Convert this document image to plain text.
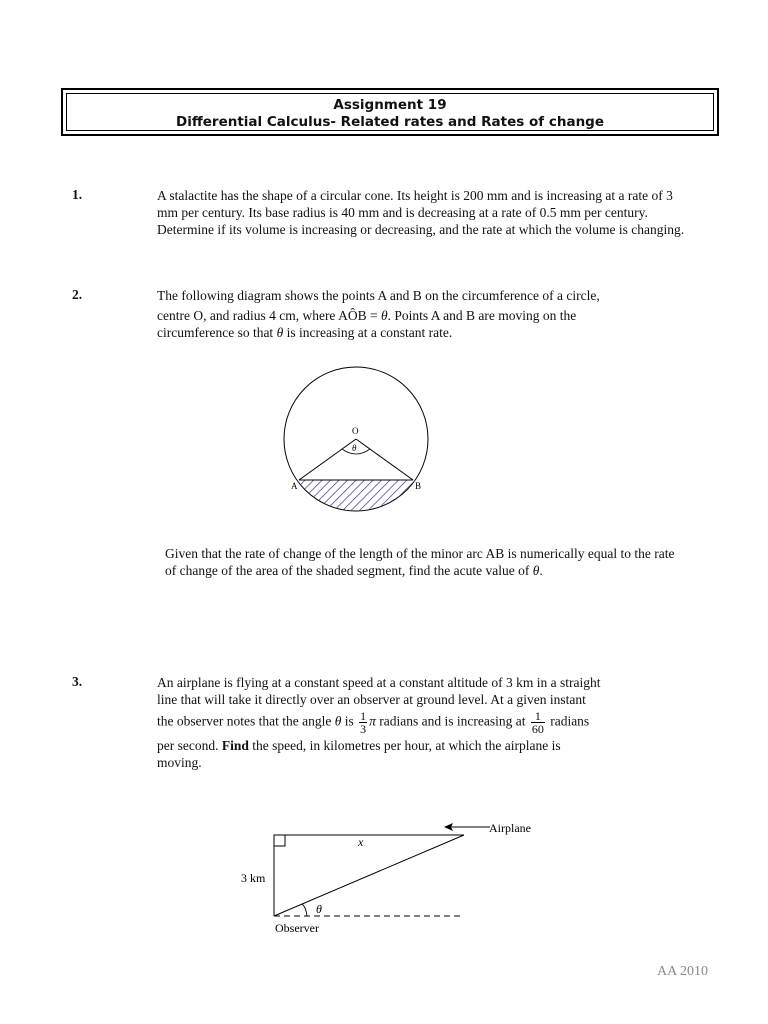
Assignment 19
Differential Calculus- Related rates and Rates of change
1.	A stalactite has the shape of a circular cone. Its height is 200 mm and is increasing at a rate of 3 mm per century. Its base radius is 40 mm and is decreasing at a rate of 0.5 mm per century. Determine if its volume is increasing or decreasing, and the rate at which the volume is changing.
2.	The following diagram shows the points A and B on the circumference of a circle,
centre O, and radius 4 cm, where AÔB = θ. Points A and B are moving on the
circumference so that θ is increasing at a constant rate.
O
θ
A	B
Given that the rate of change of the length of the minor arc AB is numerically equal to the rate of change of the area of the shaded segment, find the acute value of θ.
3.	An airplane is flying at a constant speed at a constant altitude of 3 km in a straight
line that will take it directly over an observer at ground level. At a given instant
the observer notes that the angle θ is $\frac{1}{3}$ π radians and is increasing at $\frac{1}{60}$ radians
per second. Find the speed, in kilometres per hour, at which the airplane is
moving.
Airplane
x
3 km
θ
Observer
AA 2010
